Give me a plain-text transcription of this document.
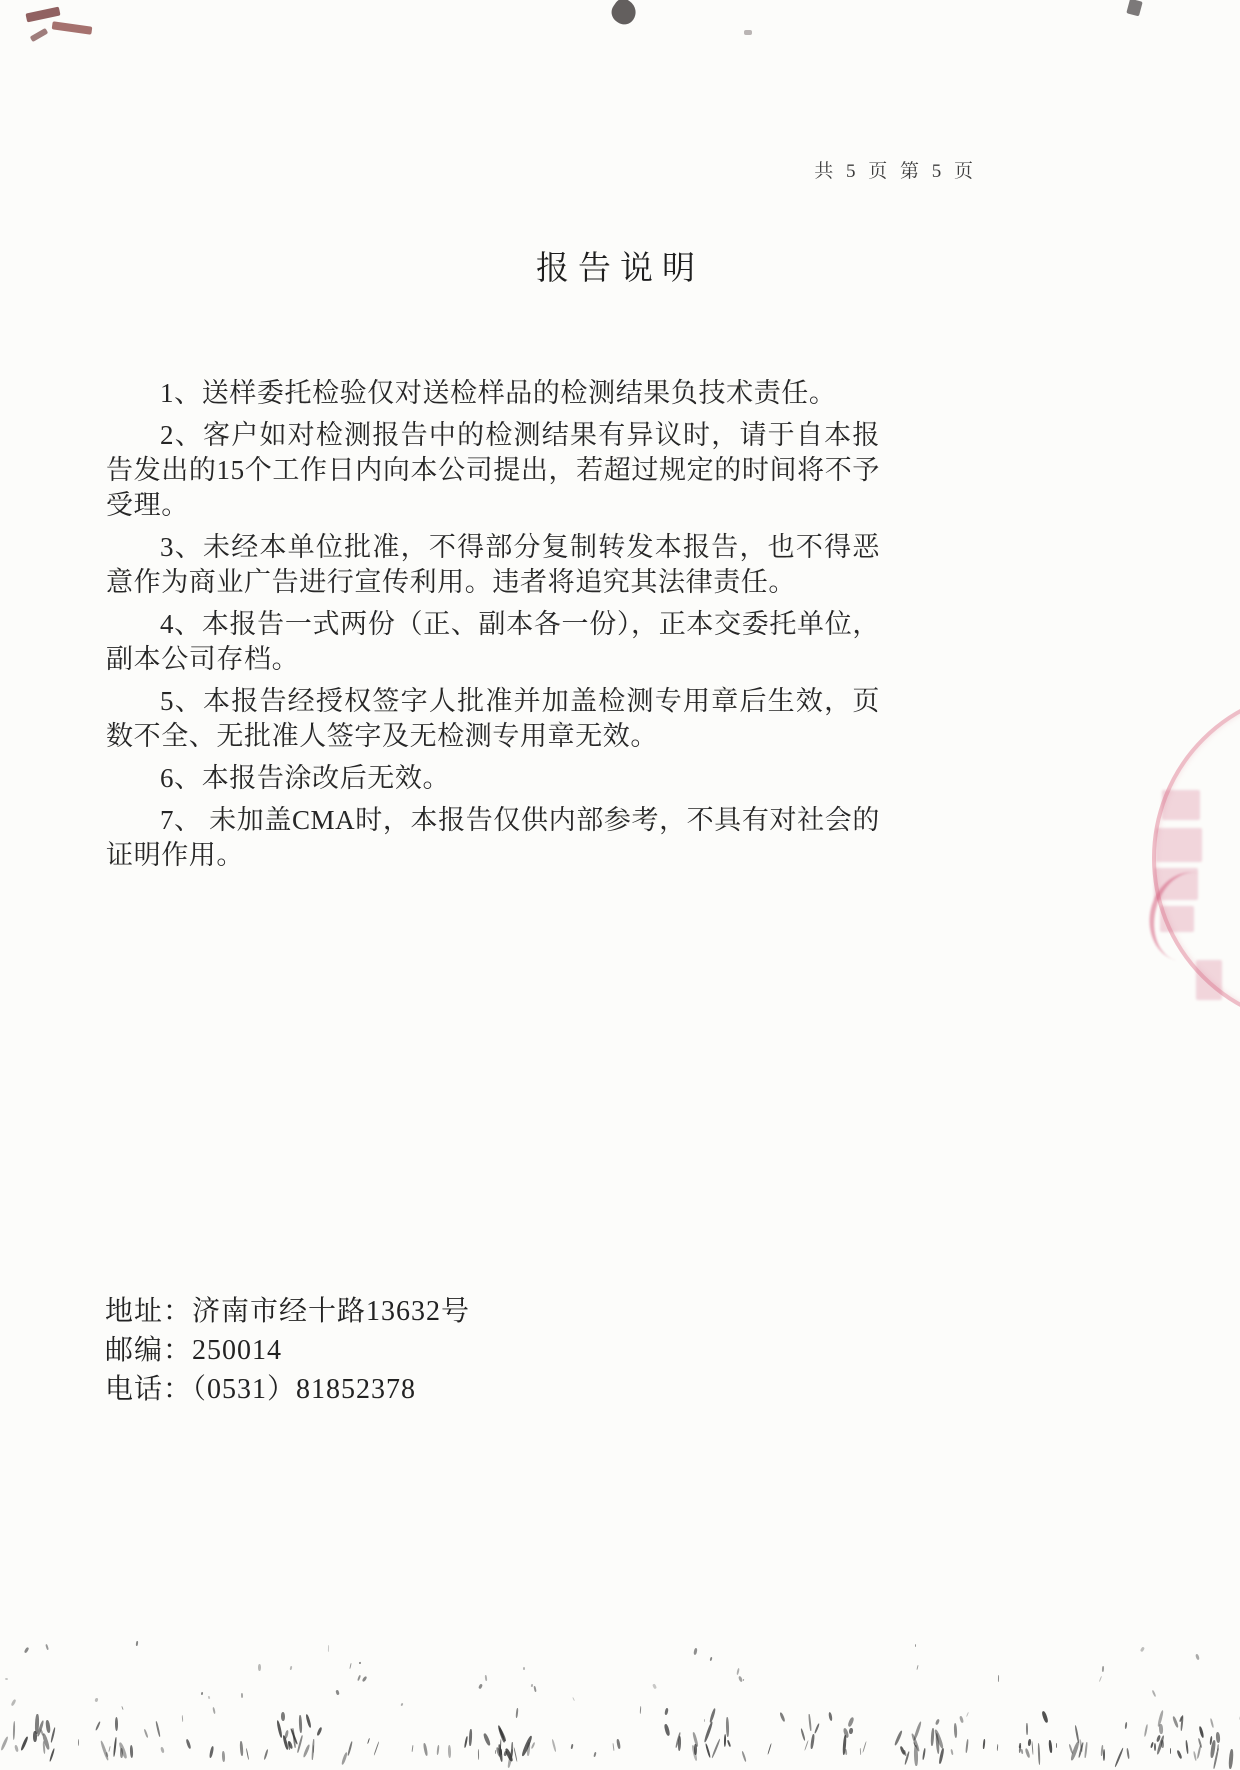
共 5 页 第 5 页
报告说明

1、送样委托检验仅对送检样品的检测结果负技术责任。

2、客户如对检测报告中的检测结果有异议时，请于自本报告发出的15个工作日内向本公司提出，若超过规定的时间将不予受理。

3、未经本单位批准，不得部分复制转发本报告，也不得恶意作为商业广告进行宣传利用。违者将追究其法律责任。

4、本报告一式两份（正、副本各一份），正本交委托单位，副本公司存档。

5、本报告经授权签字人批准并加盖检测专用章后生效，页数不全、无批准人签字及无检测专用章无效。

6、本报告涂改后无效。

7、 未加盖CMA时，本报告仅供内部参考，不具有对社会的证明作用。

地址：济南市经十路13632号
邮编：250014
电话：（0531）81852378
